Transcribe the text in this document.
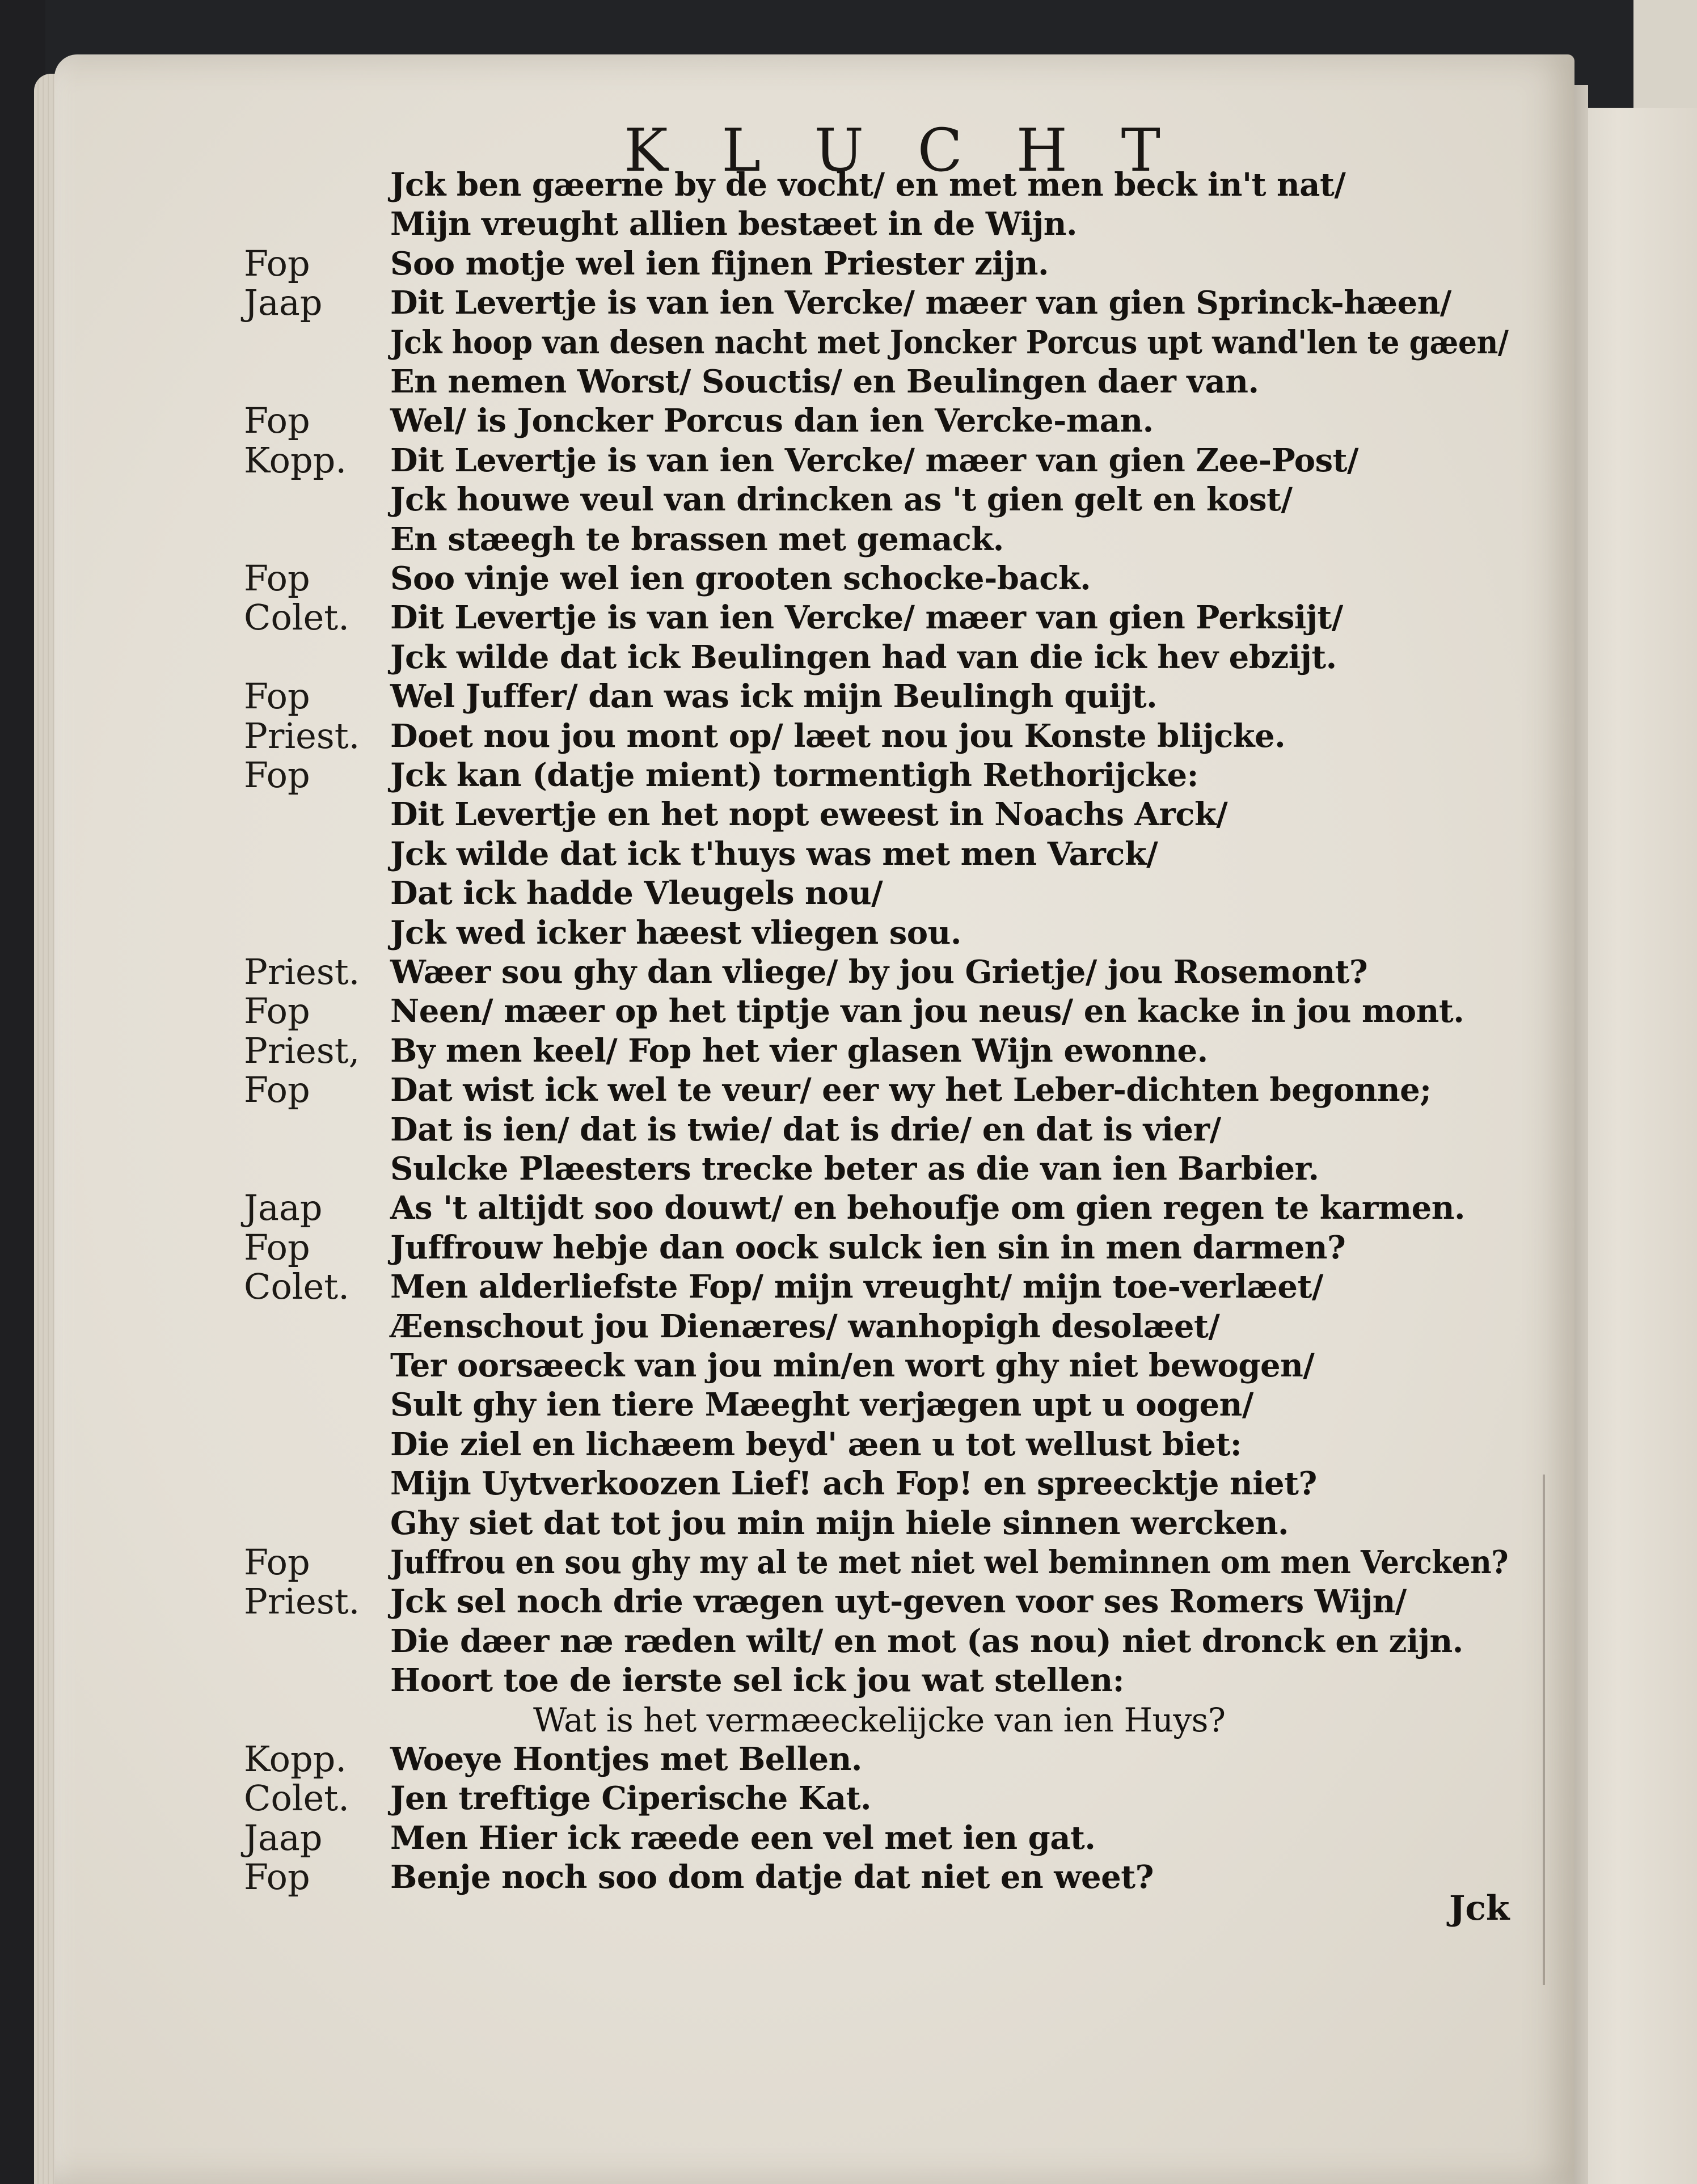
K L U C H T
Jck ben gæerne by de vocht/ en met men beck in't nat/
Mijn vreught allien bestæet in de Wijn.
Fop	Soo motje wel ien fijnen Priester zijn.
Jaap	Dit Levertje is van ien Vercke/ mæer van gien Sprinck-hæen/
Jck hoop van desen nacht met Joncker Porcus upt wand'len te gæen/
En nemen Worst/ Souctis/ en Beulingen daer van.
Fop	Wel/ is Joncker Porcus dan ien Vercke-man.
Kopp.	Dit Levertje is van ien Vercke/ mæer van gien Zee-Post/
Jck houwe veul van drincken as 't gien gelt en kost/
En stæegh te brassen met gemack.
Fop	Soo vinje wel ien grooten schocke-back.
Colet.	Dit Levertje is van ien Vercke/ mæer van gien Perksijt/
Jck wilde dat ick Beulingen had van die ick hev ebzijt.
Fop	Wel Juffer/ dan was ick mijn Beulingh quijt.
Priest. Doet nou jou mont op/ læet nou jou Konste blijcke.
Fop	Jck kan (datje mient) tormentigh Rethorijcke:
Dit Levertje en het nopt eweest in Noachs Arck/
Jck wilde dat ick t'huys was met men Varck/
Dat ick hadde Vleugels nou/
Jck wed icker hæest vliegen sou.
Priest. Wæer sou ghy dan vliege/ by jou Grietje/ jou Rosemont?
Fop	Neen/ mæer op het tiptje van jou neus/ en kacke in jou mont.
Priest, By men keel/ Fop het vier glasen Wijn ewonne.
Fop	Dat wist ick wel te veur/ eer wy het Leber-dichten begonne;
Dat is ien/ dat is twie/ dat is drie/ en dat is vier/
Sulcke Plæesters trecke beter as die van ien Barbier.
Jaap	As 't altijdt soo douwt/ en behoufje om gien regen te karmen.
Fop	Juffrouw hebje dan oock sulck ien sin in men darmen?
Colet.	Men alderliefste Fop/ mijn vreught/ mijn toe-verlæet/
Æenschout jou Dienæres/ wanhopigh desolæet/
Ter oorsæeck van jou min/en wort ghy niet bewogen/
Sult ghy ien tiere Mæeght verjægen upt u oogen/
Die ziel en lichæem beyd' æen u tot wellust biet:
Mijn Uytverkoozen Lief! ach Fop! en spreecktje niet?
Ghy siet dat tot jou min mijn hiele sinnen wercken.
Fop	Juffrou en sou ghy my al te met niet wel beminnen om men Vercken?
Priest. Jck sel noch drie vrægen uyt-geven voor ses Romers Wijn/
Die dæer næ ræden wilt/ en mot (as nou) niet dronck en zijn.
Hoort toe de ierste sel ick jou wat stellen:
Wat is het vermæeckelijcke van ien Huys?
Kopp.	Woeye Hontjes met Bellen.
Colet.	Jen treftige Ciperische Kat.
Jaap	Men Hier ick ræede een vel met ien gat.
Fop	Benje noch soo dom datje dat niet en weet?
Jck
